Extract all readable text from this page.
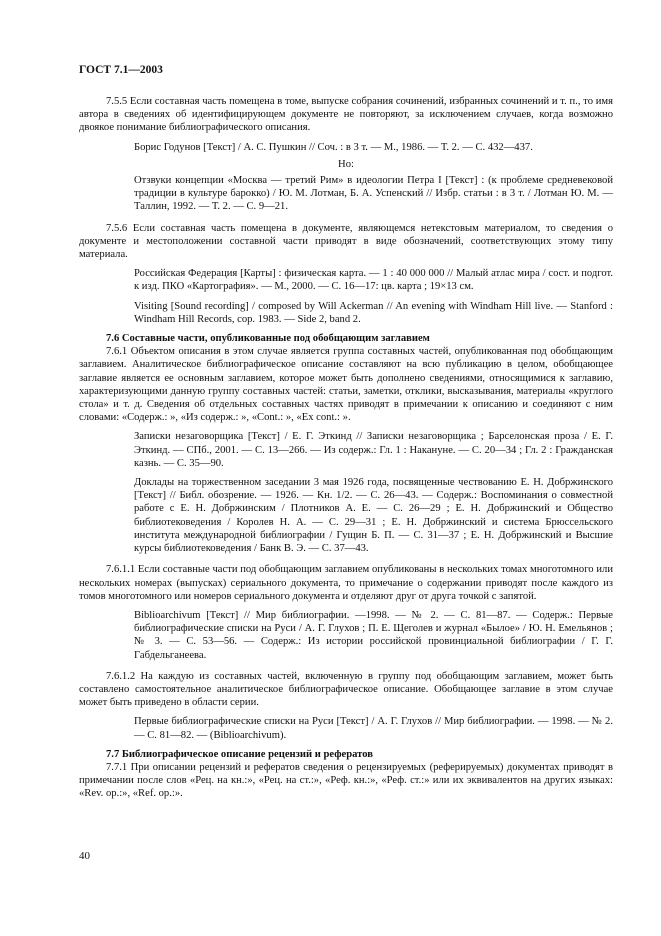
ГОСТ 7.1—2003

7.5.5 Если составная часть помещена в томе, выпуске собрания сочинений, избранных сочинений и т. п., то имя автора в сведениях об идентифицирующем документе не повторяют, за исключением случаев, когда возможно двоякое понимание библиографического описания.

Борис Годунов [Текст] / А. С. Пушкин // Соч. : в 3 т. — М., 1986. — Т. 2. — С. 432—437.

Но:

Отзвуки концепции «Москва — третий Рим» в идеологии Петра I [Текст] : (к проблеме средневековой традиции в культуре барокко) / Ю. М. Лотман, Б. А. Успенский // Избр. статьи : в 3 т. / Лотман Ю. М. — Таллин, 1992. — Т. 2. — С. 9—21.

7.5.6 Если составная часть помещена в документе, являющемся нетекстовым материалом, то сведения о документе и местоположении составной части приводят в виде обозначений, соответствующих этому типу материала.

Российская Федерация [Карты] : физическая карта. — 1 : 40 000 000 // Малый атлас мира / сост. и подгот. к изд. ПКО «Картография». — М., 2000. — С. 16—17: цв. карта ; 19×13 см.

Visiting [Sound recording] / composed by Will Ackerman // An evening with Windham Hill live. — Stanford : Windham Hill Records, cop. 1983. — Side 2, band 2.

7.6 Составные части, опубликованные под обобщающим заглавием

7.6.1 Объектом описания в этом случае является группа составных частей, опубликованная под обобщающим заглавием. Аналитическое библиографическое описание составляют на всю публикацию в целом, обобщающее заглавие является ее основным заглавием, которое может быть дополнено сведениями, относящимися к заглавию, характеризующими данную группу составных частей: статьи, заметки, отклики, высказывания, материалы «круглого стола» и т. д. Сведения об отдельных составных частях приводят в примечании к описанию и соединяют с ним словами: «Содерж.: », «Из содерж.: », «Cont.: », «Ex cont.: ».

Записки незаговорщика [Текст] / Е. Г. Эткинд // Записки незаговорщика ; Барселонская проза / Е. Г. Эткинд. — СПб., 2001. — С. 13—266. — Из содерж.: Гл. 1 : Накануне. — С. 20—34 ; Гл. 2 : Гражданская казнь. — С. 35—90.

Доклады на торжественном заседании 3 мая 1926 года, посвященные чествованию Е. Н. Добржинского [Текст] // Библ. обозрение. — 1926. — Кн. 1/2. — С. 26—43. — Содерж.: Воспоминания о совместной работе с Е. Н. Добржинским / Плотников А. Е. — С. 26—29 ; Е. Н. Добржинский и Общество библиотековедения / Королев Н. А. — С. 29—31 ; Е. Н. Добржинский и система Брюссельского института международной библиографии / Гущин Б. П. — С. 31—37 ; Е. Н. Добржинский и Высшие курсы библиотековедения / Банк В. Э. — С. 37—43.

7.6.1.1 Если составные части под обобщающим заглавием опубликованы в нескольких томах многотомного или нескольких номерах (выпусках) сериального документа, то примечание о содержании приводят после каждого из томов многотомного или номеров сериального документа и отделяют друг от друга точкой с запятой.

Biblioarchivum [Текст] // Мир библиографии. —1998. — № 2. — С. 81—87. — Содерж.: Первые библиографические списки на Руси / А. Г. Глухов ; П. Е. Щеголев и журнал «Былое» / Ю. Н. Емельянов ; № 3. — С. 53—56. — Содерж.: Из истории российской провинциальной библиографии / Г. Г. Габдельганеева.

7.6.1.2 На каждую из составных частей, включенную в группу под обобщающим заглавием, может быть составлено самостоятельное аналитическое библиографическое описание. Обобщающее заглавие в этом случае может быть приведено в области серии.

Первые библиографические списки на Руси [Текст] / А. Г. Глухов // Мир библиографии. — 1998. — № 2. — С. 81—82. — (Biblioarchivum).

7.7 Библиографическое описание рецензий и рефератов

7.7.1 При описании рецензий и рефератов сведения о рецензируемых (реферируемых) документах приводят в примечании после слов «Рец. на кн.:», «Рец. на ст.:», «Реф. кн.:», «Реф. ст.:» или их эквивалентов на других языках: «Rev. op.:», «Ref. op.:».

40
